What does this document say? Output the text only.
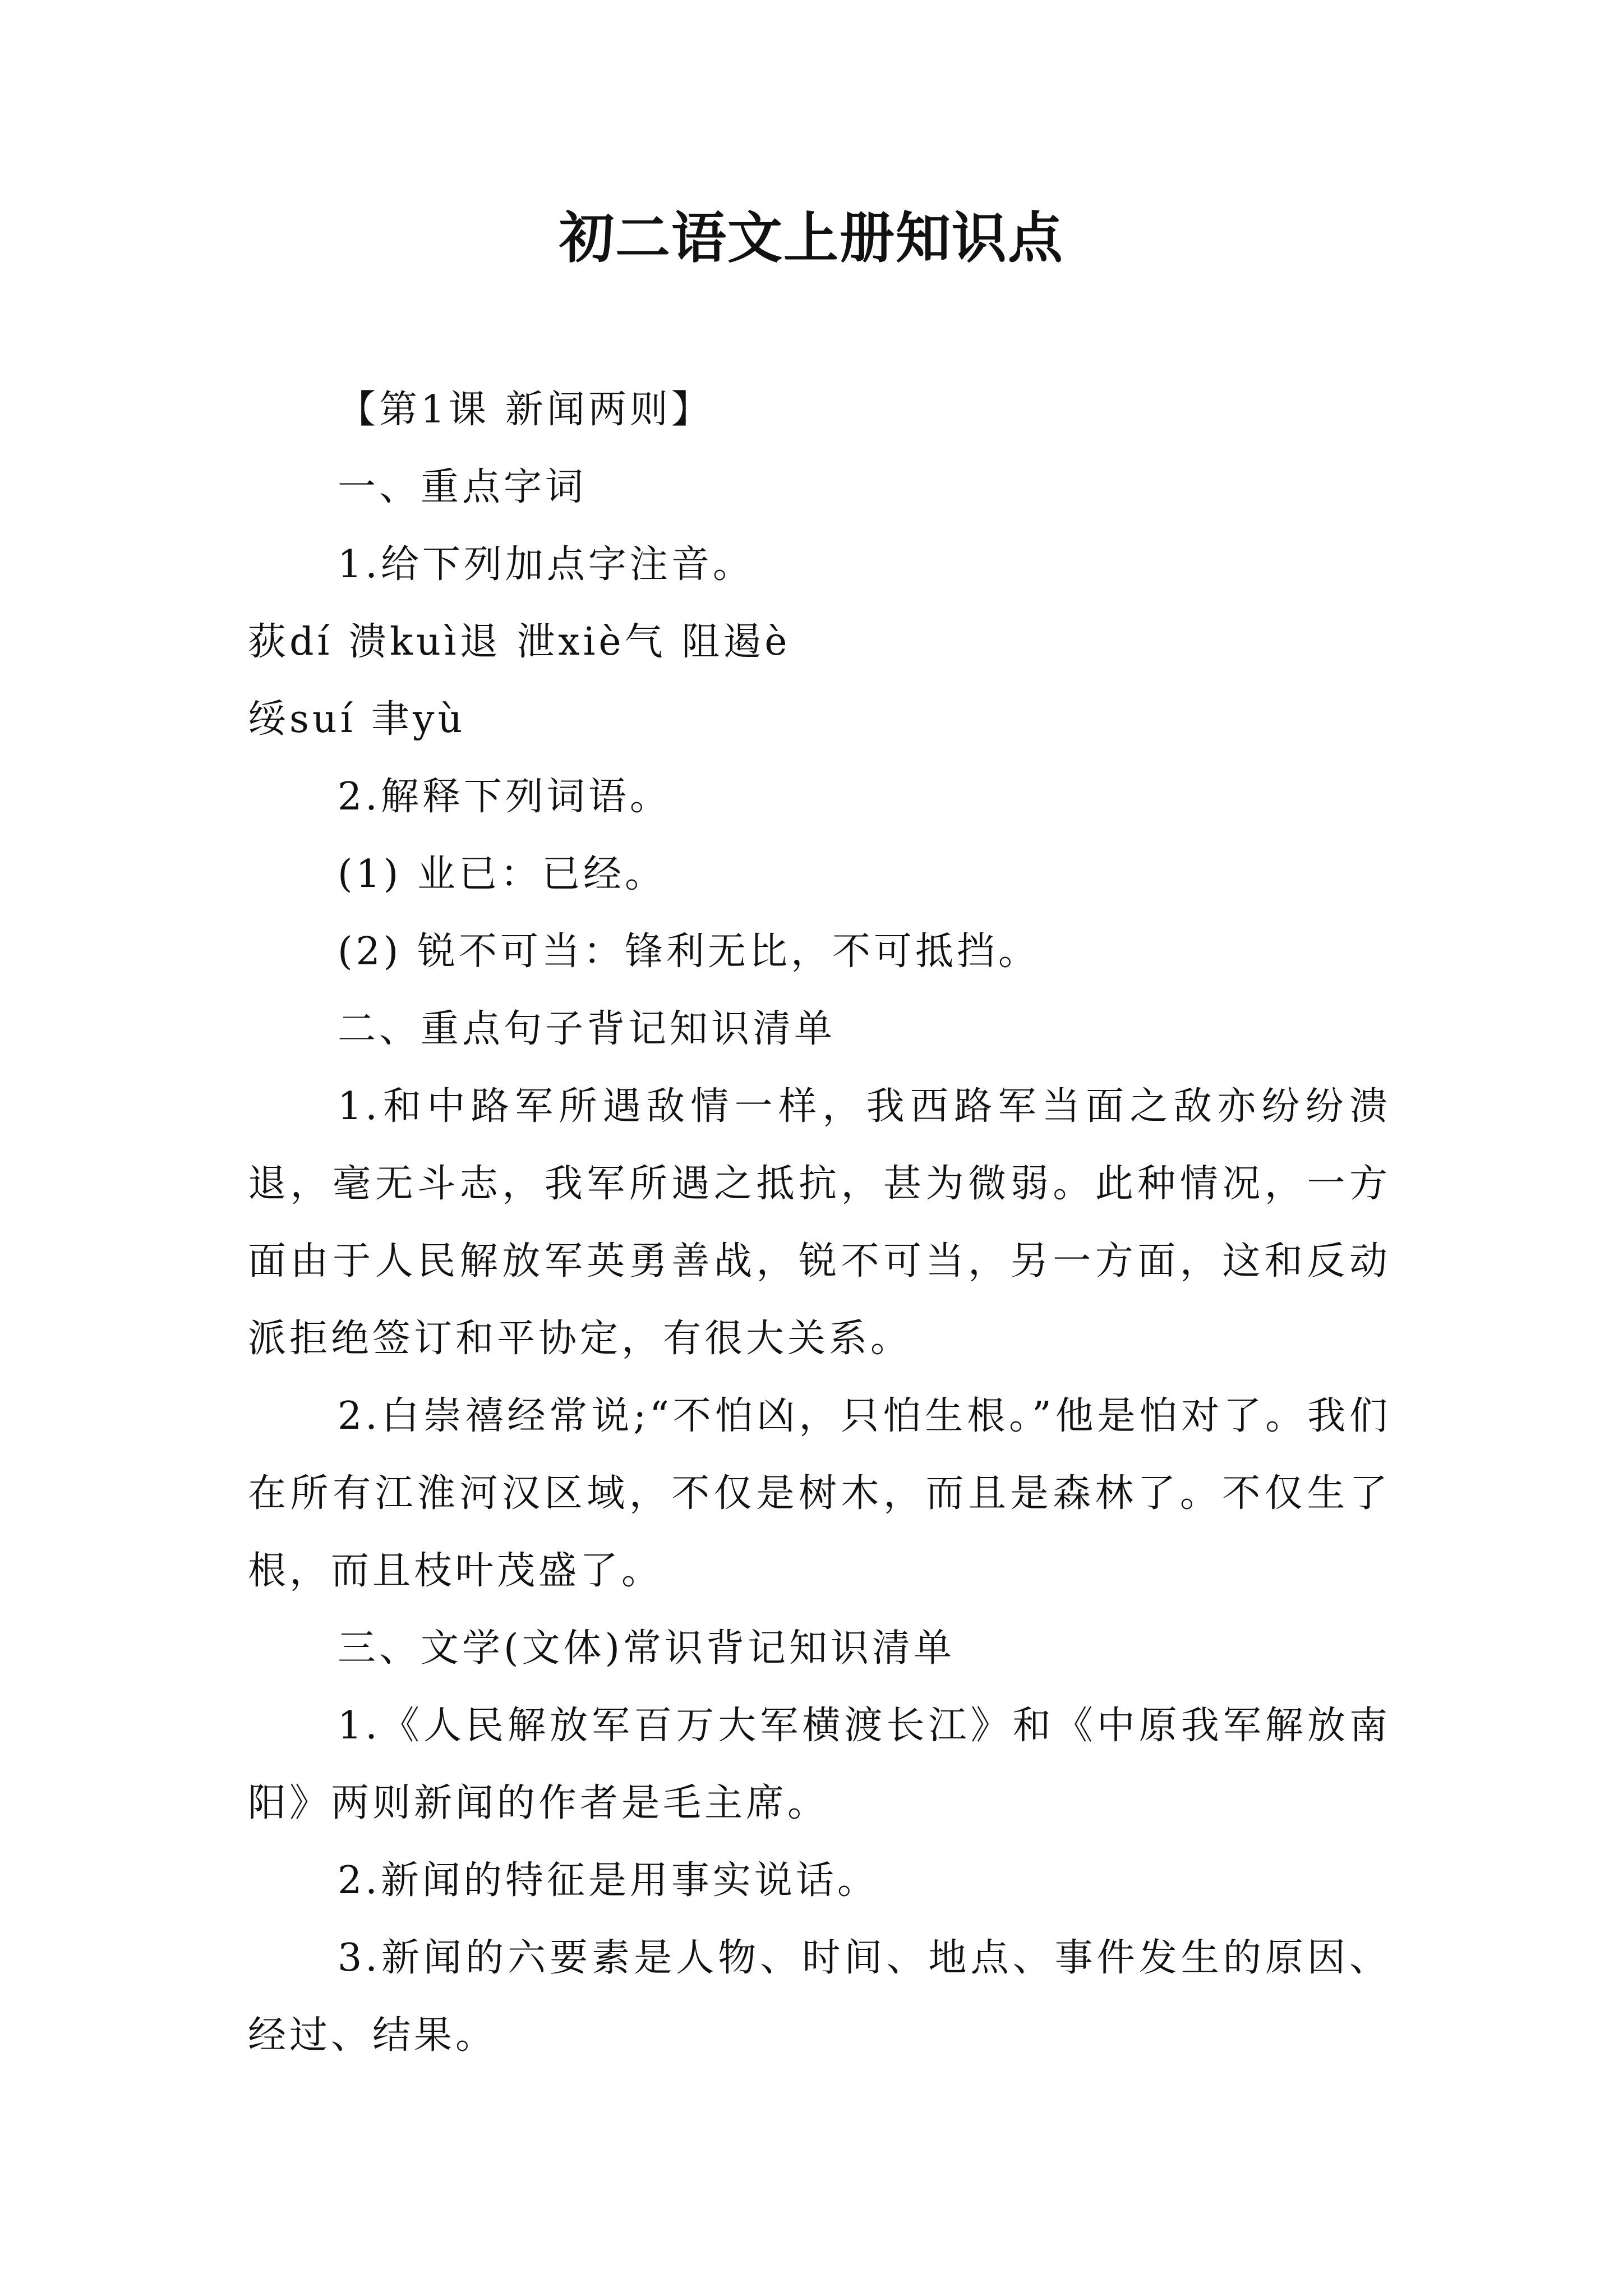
初二语文上册知识点
【第1课 新闻两则】
一、重点字词
1.给下列加点字注音。
荻dí 溃kuì退 泄xiè气 阻遏è
绥suí 聿yù
2.解释下列词语。
(1) 业已：已经。
(2) 锐不可当：锋利无比，不可抵挡。
二、重点句子背记知识清单
1.和中路军所遇敌情一样，我西路军当面之敌亦纷纷溃退，毫无斗志，我军所遇之抵抗，甚为微弱。此种情况，一方面由于人民解放军英勇善战，锐不可当，另一方面，这和反动派拒绝签订和平协定，有很大关系。
2.白崇禧经常说;“不怕凶，只怕生根。”他是怕对了。我们在所有江淮河汉区域，不仅是树木，而且是森林了。不仅生了根，而且枝叶茂盛了。
三、文学(文体)常识背记知识清单
1.《人民解放军百万大军横渡长江》和《中原我军解放南阳》两则新闻的作者是毛主席。
2.新闻的特征是用事实说话。
3.新闻的六要素是人物、时间、地点、事件发生的原因、经过、结果。
